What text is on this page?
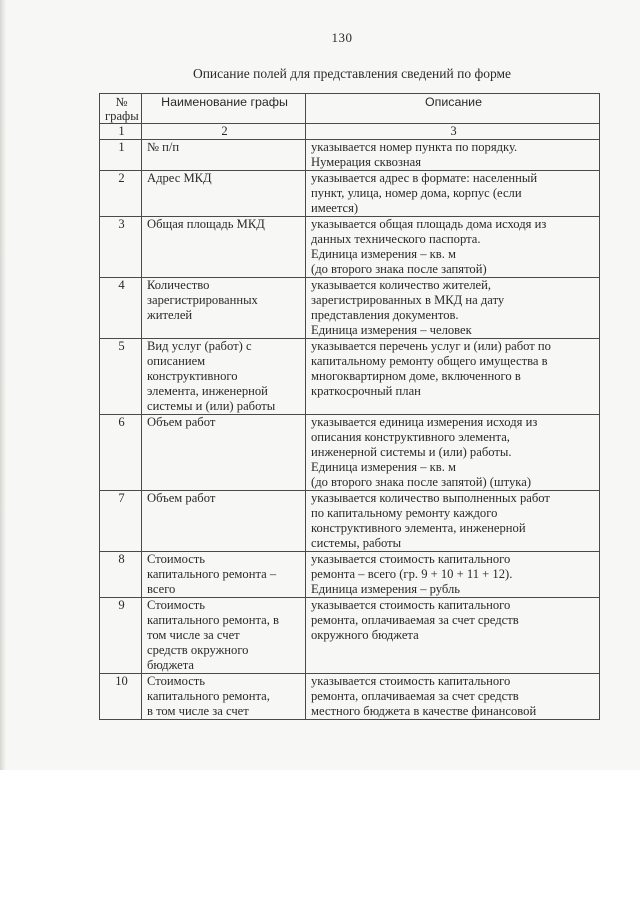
130
Описание полей для представления сведений по форме
№ графы	Наименование графы	Описание
1	2	3
1	№ п/п	указывается номер пункта по порядку.
Нумерация сквозная
2	Адрес МКД	указывается адрес в формате: населенный
пункт, улица, номер дома, корпус (если
имеется)
3	Общая площадь МКД	указывается общая площадь дома исходя из
данных технического паспорта.
Единица измерения – кв. м
(до второго знака после запятой)
4	Количество
зарегистрированных
жителей	указывается количество жителей,
зарегистрированных в МКД на дату
представления документов.
Единица измерения – человек
5	Вид услуг (работ) с
описанием
конструктивного
элемента, инженерной
системы и (или) работы	указывается перечень услуг и (или) работ по
капитальному ремонту общего имущества в
многоквартирном доме, включенного в
краткосрочный план
6	Объем работ	указывается единица измерения исходя из
описания конструктивного элемента,
инженерной системы и (или) работы.
Единица измерения – кв. м
(до второго знака после запятой) (штука)
7	Объем работ	указывается количество выполненных работ
по капитальному ремонту каждого
конструктивного элемента, инженерной
системы, работы
8	Стоимость
капитального ремонта –
всего	указывается стоимость капитального
ремонта – всего (гр. 9 + 10 + 11 + 12).
Единица измерения – рубль
9	Стоимость
капитального ремонта, в
том числе за счет
средств окружного
бюджета	указывается стоимость капитального
ремонта, оплачиваемая за счет средств
окружного бюджета
10	Стоимость
капитального ремонта,
в том числе за счет	указывается стоимость капитального
ремонта, оплачиваемая за счет средств
местного бюджета в качестве финансовой
